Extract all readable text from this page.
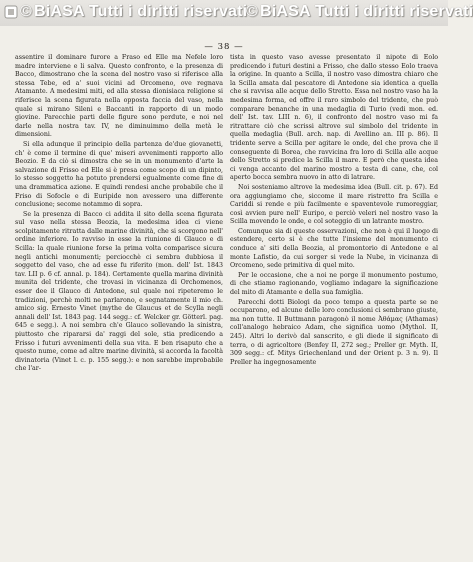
© BiASA Tutti i diritti riservati
© BiASA Tutti i diritti riservati
— 38 —

assentire il dominare furore a Fraso ed Elle ma Nefele loro madre interviene e li salva. Questo confronto, e la presenza di Bacco, dimostrano che la scena del nostro vaso si riferisce alla stessa Tebe, ed a' suoi vicini ad Orcomeno, ove regnava Atamante. A medesimi miti, ed alla stessa dionisiaca religione si riferisce la scena figurata nella opposta faccia del vaso, nella quale si mirano Sileni e Baccanti in rapporto di un modo giovine. Parecchie parti delle figure sono perdute, e noi nel darle nella nostra tav. IV, ne diminuimmo della metà le dimensioni.

Si ella adunque il principio della partenza de'due giovanetti, ch' è come il termine di que' miseri avvenimenti rapporto allo Beozio. E da ciò si dimostra che se in un monumento d'arte la salvazione di Frisso ed Elle si è presa come scopo di un dipinto, lo stesso soggetto ha potuto prendersi egualmente come fine di una drammatica azione. E quindi rendesi anche probabile che il Friso di Sofocle e di Euripide non avessero una differente conclusione; secome notammo di sopra.

Se la presenza di Bacco ci addita il sito della scena figurata sul vaso nella stessa Beozia, la medesima idea ci viene scolpitamente ritratta dalle marine divinità, che si scorgono nell' ordine inferiore. Io ravviso in esse la riunione di Glauco e di Scilla: la quale riunione forse la prima volta comparisce sicura negli antichi monumenti; perciocchè ci sembra dubbiosa il soggetto del vaso, che ad esse fu riferito (mon. dell' Ist. 1843 tav. LII p. 6 cf. annal. p. 184). Certamente quella marina divinità munita del tridente, che trovasi in vicinanza di Orchomenos, esser dee il Glauco di Antedone, sul quale noi ripeteremo le tradizioni, perchè molti ne parlarono, e segnatamente il mio ch. amico sig. Ernesto Vinet (mythe de Glaucus et de Scylla negli annali dell' Ist. 1843 pag. 144 segg.: cf. Welcker gr. Götterl. pag. 645 e segg.). A noi sembra ch'e Glauco sollevando la sinistra, piuttosto che ripararsi da' raggi del sole, stia predicendo a Frisso i futuri avvenimenti della sua vita. E ben risaputo che a questo nume, come ad altre marine divinità, si accorda la facoltà divinatoria (Vinet l. c. p. 155 segg.): e non sarebbe improbabile che l'ar-

tista in questo vaso avesse presentato il nipote di Eolo predicendo i futuri destini a Frisso, che dallo stesso Eolo traeva la origine. In quanto a Scilla, il nostro vaso dimostra chiaro che la Scilla amata dal pescatore di Antedone sia identica a quella che si ravvisa alle acque dello Stretto. Essa nel nostro vaso ha la medesima forma, ed offre il raro simbolo del tridente, che può comparare benanche in una medaglia di Turio (vedi mon. ed. dell' Ist. tav. LIII n. 6), il confronto del nostro vaso mi fa ritrattare ciò che scrissi altrove sul simbolo del tridente in quella medaglia (Bull. arch. nap. di Avellino an. III p. 86). Il tridente serve a Scilla per agitare le onde, del che prova che il conseguente di Borea, che ravvicina fra loro di Scilla alle acque dello Stretto si predice la Scilla il mare. E però che questa idea ci venga accanto del marino mostro a testa di cane, che, col aperto bocca sembra nuovo in atto di latrare.

Noi sosteniamo altrove la medesima idea (Bull. cit. p. 67). Ed ora aggiungiamo che, siccome il mare ristretto fra Scilla e Cariddi si rende e più facilmente e spaventevole rumoreggiar, così avvien pure nell' Euripo, e perciò veleri nel nostro vaso la Scilla movendo le onde, e col soteggio di un latrante mostro.

Comunque sia di queste osservazioni, che non è qui il luogo di estendere, certo si è che tutte l'insieme del monumento ci conduce a' siti della Beozia, al promontorio di Antedone e al monte Lafistio, da cui sorger si vede la Nube, in vicinanza di Orcomeno, sede primitiva di quel mito.

Per le occasione, che a noi ne porge il monumento postumo, di che stiamo ragionando, vogliamo indagare la significazione del mito di Atamante e della sua famiglia.

Parecchi dotti Biologi da poco tempo a questa parte se ne occuparono, ed alcune delle loro conclusioni ci sembrano giuste, ma non tutte. Il Buttmann paragonò il nome Ἀθάμας (Athamas) coll'analogo hebraico Adam, che significa uomo (Mythol. II, 245). Altri lo derivò dal sanscrito, e gli diede il significato di terra, o di agricoltore (Benfey II, 272 seg.; Preller gr. Myth. II, 309 segg.: cf. Mitys Griechenland und der Orient p. 3 n. 9). Il Preller ha ingegnosamente
